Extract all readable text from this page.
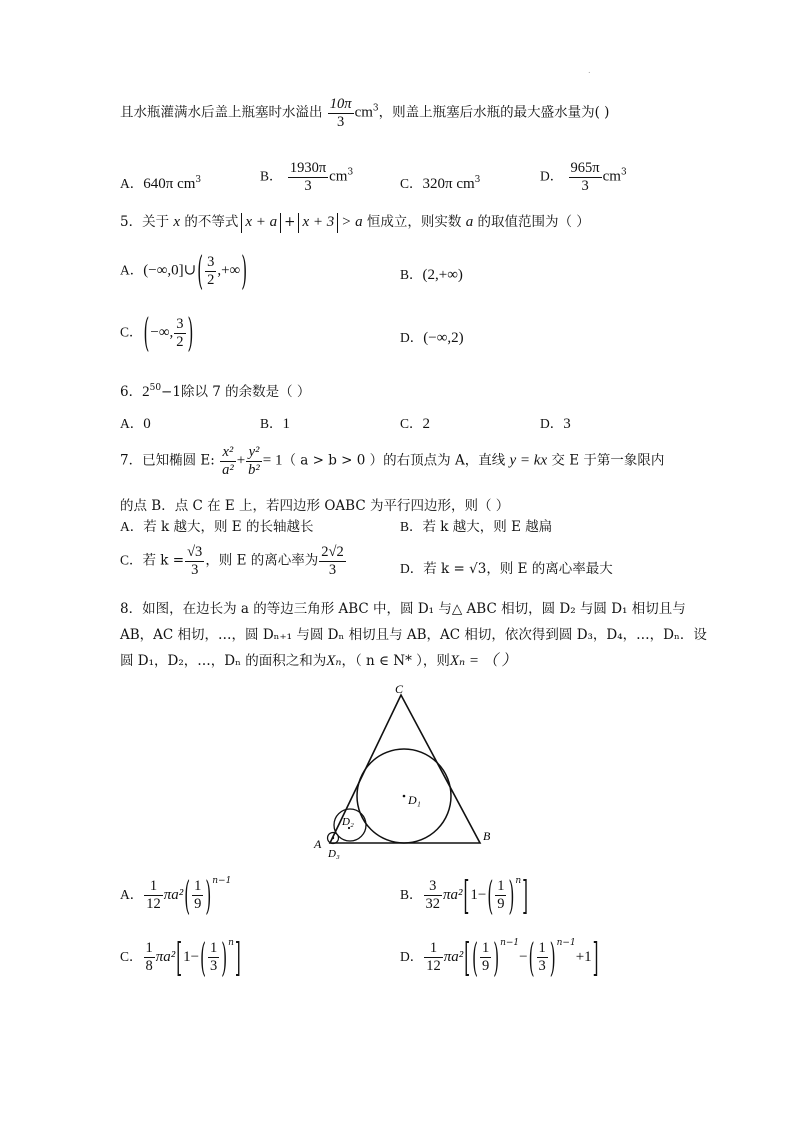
.
且水瓶灌满水后盖上瓶塞时水溢出 $\frac{10\pi}{3} cm^3$，则盖上瓶塞后水瓶的最大盛水量为( )
A．640π $cm^3$	B． $\frac{1930\pi}{3} cm^3$
C．320π $cm^3$	D． $\frac{965\pi}{3} cm^3$
5．关于 x 的不等式 x + a + x + 3 > a 恒成立，则实数 a 的取值范围为（ ）
A．(−∞,0]∪( $\frac{3}{2}$ ,+∞)	B．(2,+∞)
C．(−∞, $\frac{3}{2}$ )	D．(−∞,2)
6．$2^{50}-1$除以 7 的余数是（ ）
A．0	B．1	C．2	D．3
7．已知椭圆 E: $\frac{\text{x²}}{\text{a²}} + \frac{\text{y²}}{\text{b²}} = 1$（ a > b > 0 ）的右顶点为 A，直线 y = kx 交 E 于第一象限内
的点 B．点 C 在 E 上，若四边形 OABC 为平行四边形，则（ ）
A．若 k 越大，则 E 的长轴越长	B．若 k 越大，则 E 越扁
C．若 $k = \frac{√3}{3}$ ，则 E 的离心率为 $\frac{2√2}{3}$	D．若 k = √3，则 E 的离心率最大
8．如图，在边长为 a 的等边三角形 ABC 中，圆 D₁ 与△ ABC 相切，圆 D₂ 与圆 D₁ 相切且与
AB，AC 相切，…，圆 Dₙ₊₁ 与圆 Dₙ 相切且与 AB，AC 相切，依次得到圆 D₃，D₄，…，Dₙ．设
圆 D₁，D₂，…，Dₙ 的面积之和为Xₙ，（ n ∈ N* ），则Xₙ = （ ）
C
A
B
D₁
D₂
D₃
A． $\frac{1}{12} \pi a^2( \frac{1}{9} )^{n-1}$
B． $\frac{3}{32} \pi a^2[1-( \frac{1}{9} )^n]$
C． $\frac{1}{8} \pi a^2[1-( \frac{1}{3} )^n]$	D． $\frac{1}{12} \pi a^2$[ ( $\frac{1}{9} )^{n-1}-( \frac{1}{3} )^{n-1}+1$]
